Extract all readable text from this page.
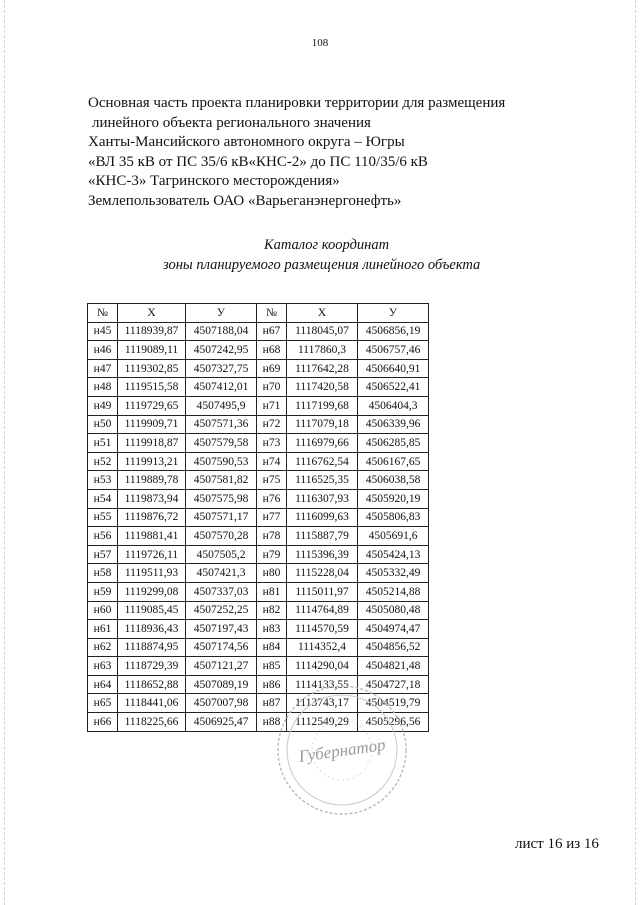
108
Основная часть проекта планировки территории для размещения
линейного объекта регионального значения
Ханты-Мансийского автономного округа – Югры
«ВЛ 35 кВ от ПС 35/6 кВ«КНС-2» до ПС 110/35/6 кВ
«КНС-3» Тагринского месторождения»
Землепользователь ОАО «Варьеганэнергонефть»
Каталог координат
зоны планируемого размещения линейного объекта
№	X	У	№	X	У
н45	1118939,87	4507188,04	н67	1118045,07	4506856,19
н46	1119089,11	4507242,95	н68	1117860,3	4506757,46
н47	1119302,85	4507327,75	н69	1117642,28	4506640,91
н48	1119515,58	4507412,01	н70	1117420,58	4506522,41
н49	1119729,65	4507495,9	н71	1117199,68	4506404,3
н50	1119909,71	4507571,36	н72	1117079,18	4506339,96
н51	1119918,87	4507579,58	н73	1116979,66	4506285,85
н52	1119913,21	4507590,53	н74	1116762,54	4506167,65
н53	1119889,78	4507581,82	н75	1116525,35	4506038,58
н54	1119873,94	4507575,98	н76	1116307,93	4505920,19
н55	1119876,72	4507571,17	н77	1116099,63	4505806,83
н56	1119881,41	4507570,28	н78	1115887,79	4505691,6
н57	1119726,11	4507505,2	н79	1115396,39	4505424,13
н58	1119511,93	4507421,3	н80	1115228,04	4505332,49
н59	1119299,08	4507337,03	н81	1115011,97	4505214,88
н60	1119085,45	4507252,25	н82	1114764,89	4505080,48
н61	1118936,43	4507197,43	н83	1114570,59	4504974,47
н62	1118874,95	4507174,56	н84	1114352,4	4504856,52
н63	1118729,39	4507121,27	н85	1114290,04	4504821,48
н64	1118652,88	4507089,19	н86	1114133,55	4504727,18
н65	1118441,06	4507007,98	н87	1113743,17	4504519,79
н66	1118225,66	4506925,47	н88	1112549,29	4505296,56
Губернатор
лист 16 из 16
